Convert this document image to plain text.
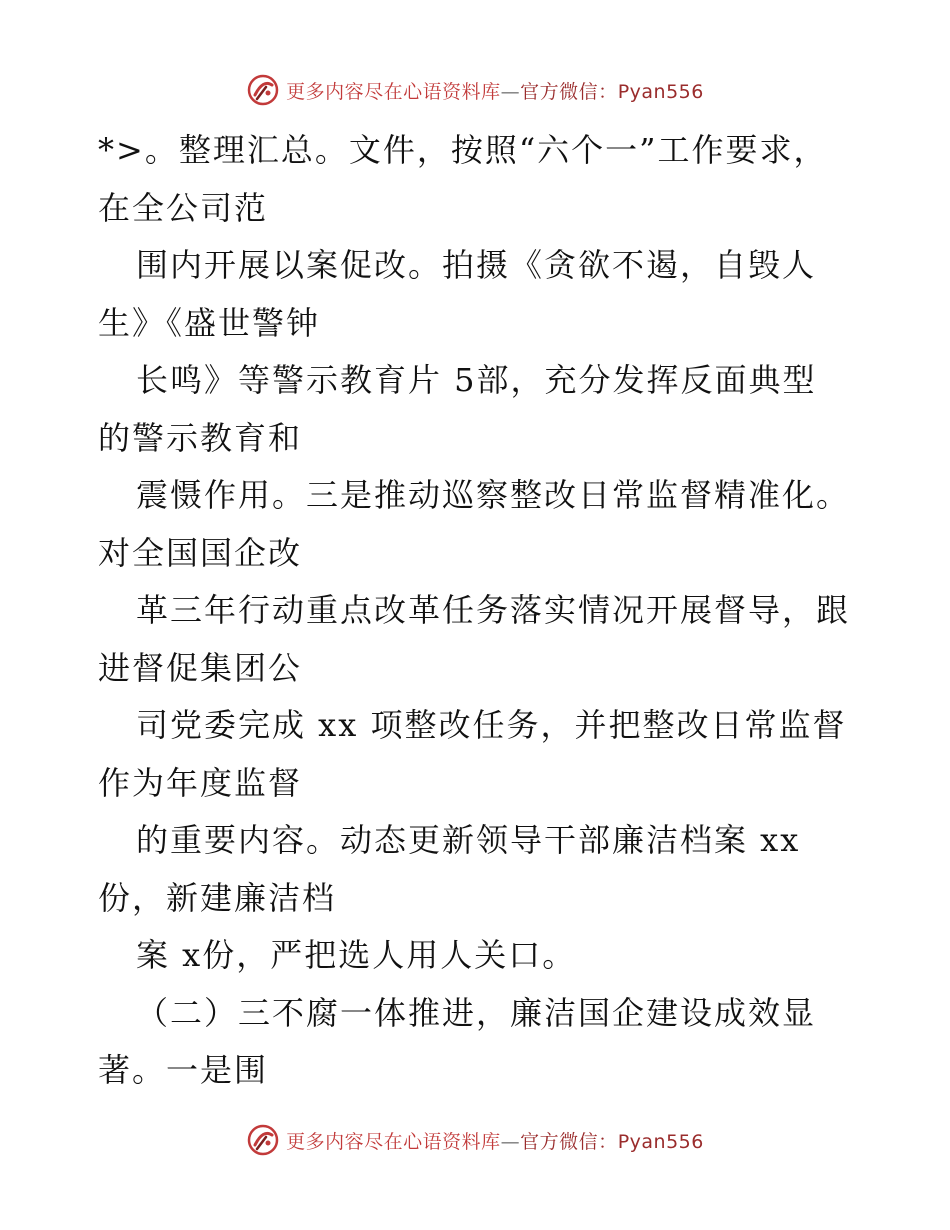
更多内容尽在心语资料库—官方微信：Pyan556
*>。整理汇总。文件，按照“六个一”工作要求，
在全公司范
围内开展以案促改。拍摄《贪欲不遏，自毁人
生》《盛世警钟
长鸣》等警示教育片 5部，充分发挥反面典型
的警示教育和
震慑作用。三是推动巡察整改日常监督精准化。
对全国国企改
革三年行动重点改革任务落实情况开展督导，跟
进督促集团公
司党委完成 xx 项整改任务，并把整改日常监督
作为年度监督
的重要内容。动态更新领导干部廉洁档案 xx
份，新建廉洁档
案 x份，严把选人用人关口。
（二）三不腐一体推进，廉洁国企建设成效显
著。一是围
更多内容尽在心语资料库—官方微信：Pyan556
